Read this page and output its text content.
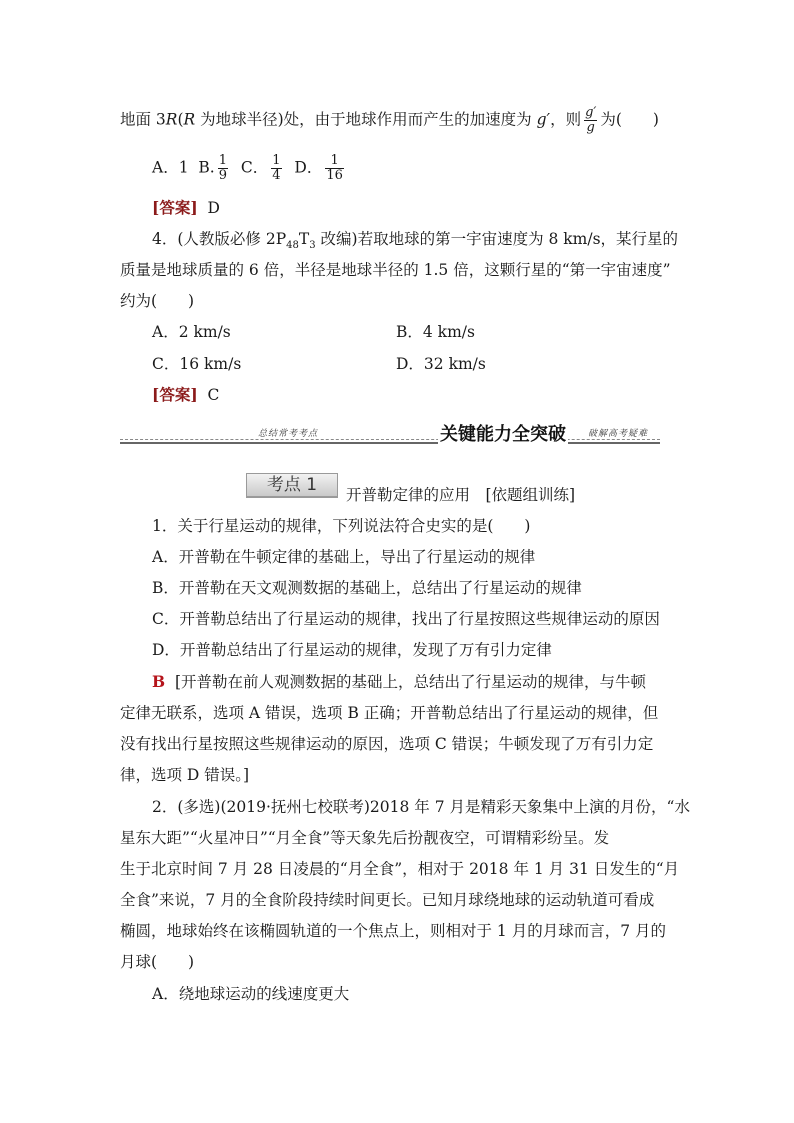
地面 3R(R 为地球半径)处，由于地球作用而产生的加速度为 g′，则 $\frac{g'}{g}$ 为(　　)
A．1 B. $\frac{1}{9}$ C． $\frac{1}{4}$ D． $\frac{1}{16}$
[答案] D
4．(人教版必修 $2P_{48}T_3$ 改编)若取地球的第一宇宙速度为 8 km/s，某行星的
质量是地球质量的 6 倍，半径是地球半径的 1.5 倍，这颗行星的“第一宇宙速度”
约为(　　)
A．2 km/s	B．4 km/s
C．16 km/s	D．32 km/s
[答案] C
总结常考考点	关键能力全突破 破解高考疑难
考点 1	开普勒定律的应用　[依题组训练]
1．关于行星运动的规律，下列说法符合史实的是(　　)
A．开普勒在牛顿定律的基础上，导出了行星运动的规律
B．开普勒在天文观测数据的基础上，总结出了行星运动的规律
C．开普勒总结出了行星运动的规律，找出了行星按照这些规律运动的原因
D．开普勒总结出了行星运动的规律，发现了万有引力定律
B [开普勒在前人观测数据的基础上，总结出了行星运动的规律，与牛顿
定律无联系，选项 A 错误，选项 B 正确；开普勒总结出了行星运动的规律，但
没有找出行星按照这些规律运动的原因，选项 C 错误；牛顿发现了万有引力定
律，选项 D 错误。]
2．(多选)(2019·抚州七校联考)2018 年 7 月是精彩天象集中上演的月份，“水
星东大距”“火星冲日”“月全食”等天象先后扮靓夜空，可谓精彩纷呈。发
生于北京时间 7 月 28 日凌晨的“月全食”，相对于 2018 年 1 月 31 日发生的“月
全食”来说，7 月的全食阶段持续时间更长。已知月球绕地球的运动轨道可看成
椭圆，地球始终在该椭圆轨道的一个焦点上，则相对于 1 月的月球而言，7 月的
月球(　　)
A．绕地球运动的线速度更大
